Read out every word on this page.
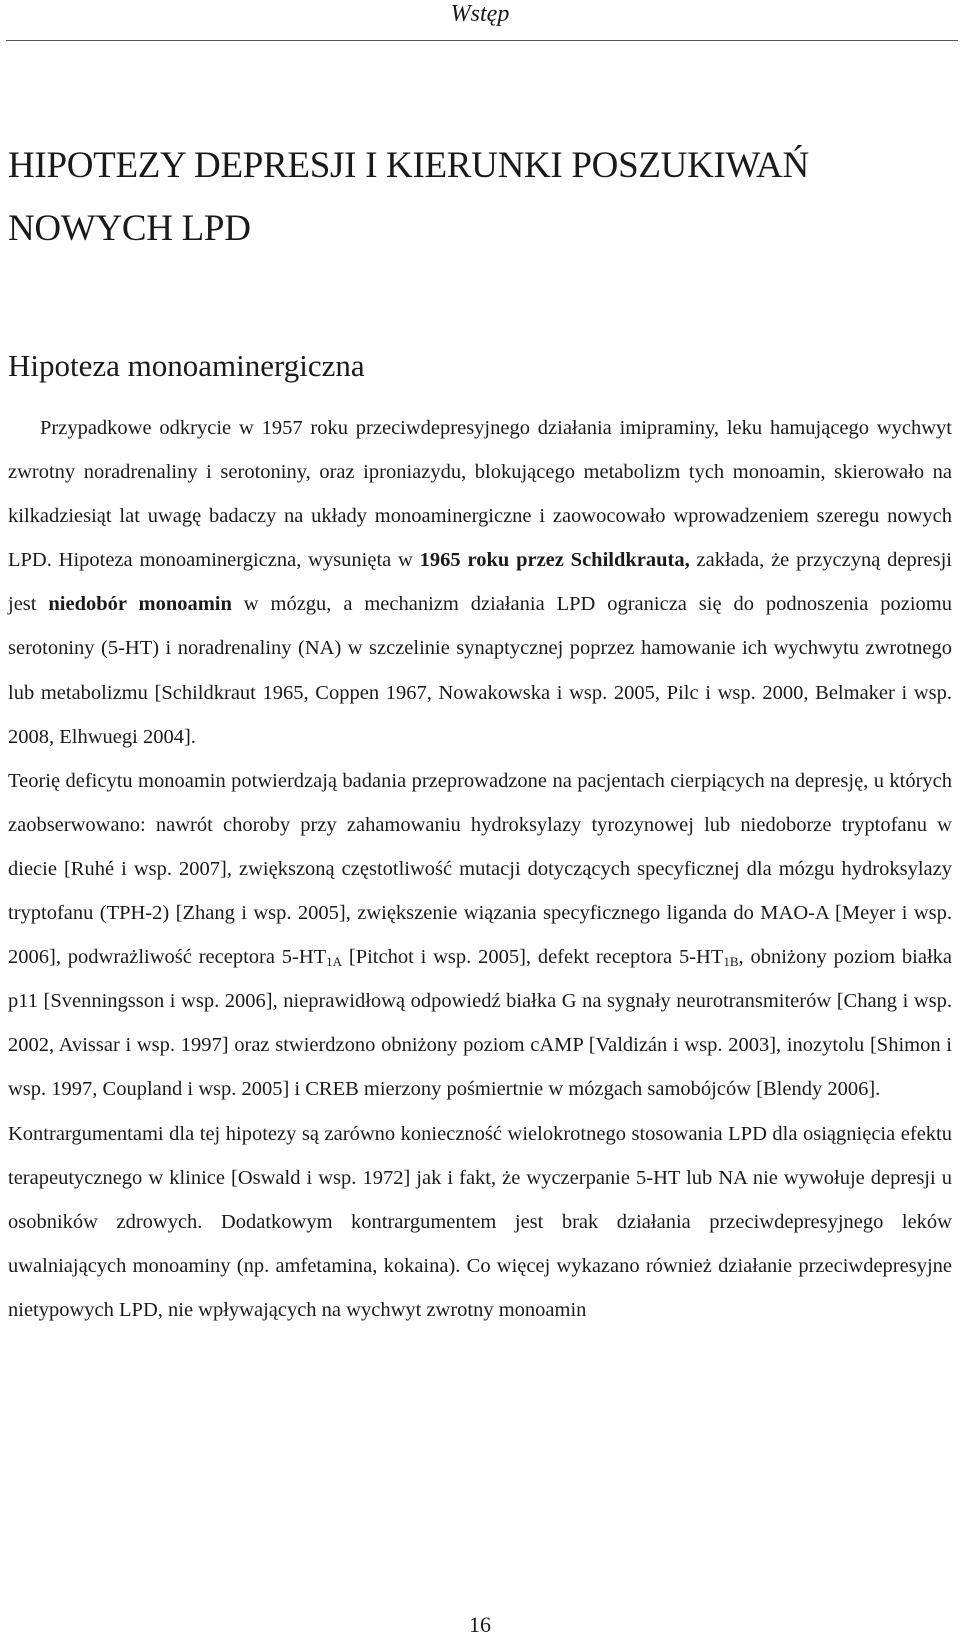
Wstęp
HIPOTEZY DEPRESJI I KIERUNKI POSZUKIWAŃ
NOWYCH LPD
Hipoteza monoaminergiczna

Przypadkowe odkrycie w 1957 roku przeciwdepresyjnego działania imipraminy, leku hamującego wychwyt zwrotny noradrenaliny i serotoniny, oraz iproniazydu, blokującego metabolizm tych monoamin, skierowało na kilkadziesiąt lat uwagę badaczy na układy monoaminergiczne i zaowocowało wprowadzeniem szeregu nowych LPD. Hipoteza monoaminergiczna, wysunięta w 1965 roku przez Schildkrauta, zakłada, że przyczyną depresji jest niedobór monoamin w mózgu, a mechanizm działania LPD ogranicza się do podnoszenia poziomu serotoniny (5-HT) i noradrenaliny (NA) w szczelinie synaptycznej poprzez hamowanie ich wychwytu zwrotnego lub metabolizmu [Schildkraut 1965, Coppen 1967, Nowakowska i wsp. 2005, Pilc i wsp. 2000, Belmaker i wsp. 2008, Elhwuegi 2004].

Teorię deficytu monoamin potwierdzają badania przeprowadzone na pacjentach cierpiących na depresję, u których zaobserwowano: nawrót choroby przy zahamowaniu hydroksylazy tyrozynowej lub niedoborze tryptofanu w diecie [Ruhé i wsp. 2007], zwiększoną częstotliwość mutacji dotyczących specyficznej dla mózgu hydroksylazy tryptofanu (TPH-2) [Zhang i wsp. 2005], zwiększenie wiązania specyficznego liganda do MAO-A [Meyer i wsp. 2006], podwrażliwość receptora $5-HT_{1A}$ [Pitchot i wsp. 2005], defekt receptora $5-HT_{1B}$, obniżony poziom białka p11 [Svenningsson i wsp. 2006], nieprawidłową odpowiedź białka G na sygnały neurotransmiterów [Chang i wsp. 2002, Avissar i wsp. 1997] oraz stwierdzono obniżony poziom cAMP [Valdizán i wsp. 2003], inozytolu [Shimon i wsp. 1997, Coupland i wsp. 2005] i CREB mierzony pośmiertnie w mózgach samobójców [Blendy 2006].

Kontrargumentami dla tej hipotezy są zarówno konieczność wielokrotnego stosowania LPD dla osiągnięcia efektu terapeutycznego w klinice [Oswald i wsp. 1972] jak i fakt, że wyczerpanie 5-HT lub NA nie wywołuje depresji u osobników zdrowych. Dodatkowym kontrargumentem jest brak działania przeciwdepresyjnego leków uwalniających monoaminy (np. amfetamina, kokaina). Co więcej wykazano również działanie przeciwdepresyjne nietypowych LPD, nie wpływających na wychwyt zwrotny monoamin

16
